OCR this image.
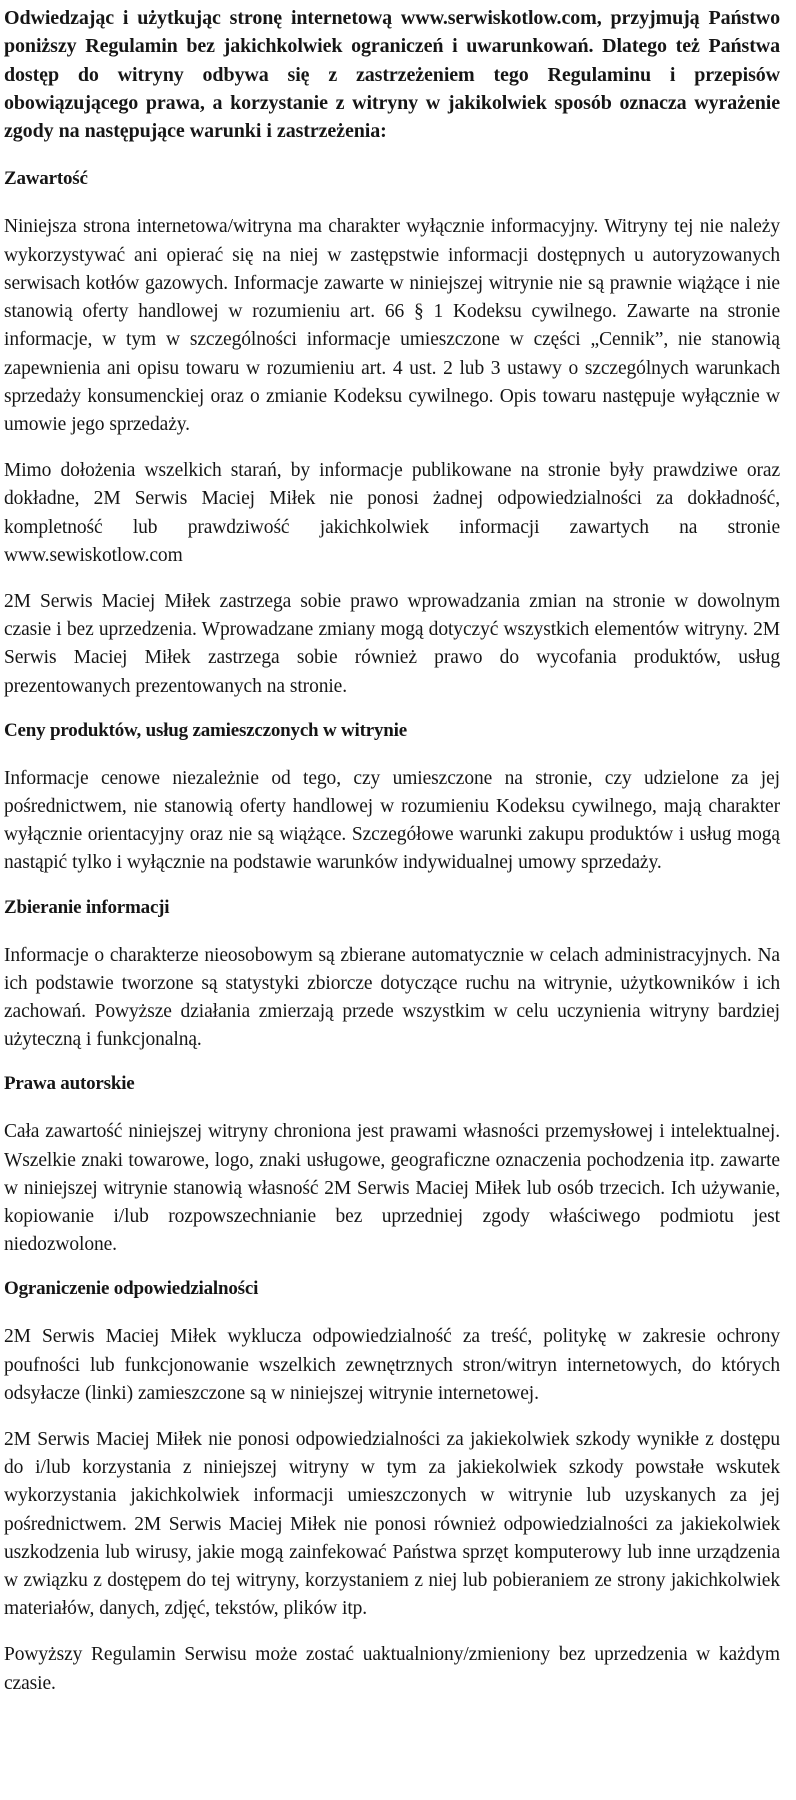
Odwiedzając i użytkując stronę internetową www.serwiskotlow.com, przyjmują Państwo poniższy Regulamin bez jakichkolwiek ograniczeń i uwarunkowań. Dlatego też Państwa dostęp do witryny odbywa się z zastrzeżeniem tego Regulaminu i przepisów obowiązującego prawa, a korzystanie z witryny w jakikolwiek sposób oznacza wyrażenie zgody na następujące warunki i zastrzeżenia:

Zawartość

Niniejsza strona internetowa/witryna ma charakter wyłącznie informacyjny. Witryny tej nie należy wykorzystywać ani opierać się na niej w zastępstwie informacji dostępnych u autoryzowanych serwisach kotłów gazowych. Informacje zawarte w niniejszej witrynie nie są prawnie wiążące i nie stanowią oferty handlowej w rozumieniu art. 66 § 1 Kodeksu cywilnego. Zawarte na stronie informacje, w tym w szczególności informacje umieszczone w części „Cennik”, nie stanowią zapewnienia ani opisu towaru w rozumieniu art. 4 ust. 2 lub 3 ustawy o szczególnych warunkach sprzedaży konsumenckiej oraz o zmianie Kodeksu cywilnego. Opis towaru następuje wyłącznie w umowie jego sprzedaży.

Mimo dołożenia wszelkich starań, by informacje publikowane na stronie były prawdziwe oraz dokładne, 2M Serwis Maciej Miłek nie ponosi żadnej odpowiedzialności za dokładność, kompletność lub prawdziwość jakichkolwiek informacji zawartych na stronie www.sewiskotlow.com

2M Serwis Maciej Miłek zastrzega sobie prawo wprowadzania zmian na stronie w dowolnym czasie i bez uprzedzenia. Wprowadzane zmiany mogą dotyczyć wszystkich elementów witryny. 2M Serwis Maciej Miłek zastrzega sobie również prawo do wycofania produktów, usług prezentowanych prezentowanych na stronie.

Ceny produktów, usług zamieszczonych w witrynie

Informacje cenowe niezależnie od tego, czy umieszczone na stronie, czy udzielone za jej pośrednictwem, nie stanowią oferty handlowej w rozumieniu Kodeksu cywilnego, mają charakter wyłącznie orientacyjny oraz nie są wiążące. Szczegółowe warunki zakupu produktów i usług mogą nastąpić tylko i wyłącznie na podstawie warunków indywidualnej umowy sprzedaży.

Zbieranie informacji

Informacje o charakterze nieosobowym są zbierane automatycznie w celach administracyjnych. Na ich podstawie tworzone są statystyki zbiorcze dotyczące ruchu na witrynie, użytkowników i ich zachowań. Powyższe działania zmierzają przede wszystkim w celu uczynienia witryny bardziej użyteczną i funkcjonalną.

Prawa autorskie

Cała zawartość niniejszej witryny chroniona jest prawami własności przemysłowej i intelektualnej. Wszelkie znaki towarowe, logo, znaki usługowe, geograficzne oznaczenia pochodzenia itp. zawarte w niniejszej witrynie stanowią własność 2M Serwis Maciej Miłek lub osób trzecich. Ich używanie, kopiowanie i/lub rozpowszechnianie bez uprzedniej zgody właściwego podmiotu jest niedozwolone.

Ograniczenie odpowiedzialności

2M Serwis Maciej Miłek wyklucza odpowiedzialność za treść, politykę w zakresie ochrony poufności lub funkcjonowanie wszelkich zewnętrznych stron/witryn internetowych, do których odsyłacze (linki) zamieszczone są w niniejszej witrynie internetowej.

2M Serwis Maciej Miłek nie ponosi odpowiedzialności za jakiekolwiek szkody wynikłe z dostępu do i/lub korzystania z niniejszej witryny w tym za jakiekolwiek szkody powstałe wskutek wykorzystania jakichkolwiek informacji umieszczonych w witrynie lub uzyskanych za jej pośrednictwem. 2M Serwis Maciej Miłek nie ponosi również odpowiedzialności za jakiekolwiek uszkodzenia lub wirusy, jakie mogą zainfekować Państwa sprzęt komputerowy lub inne urządzenia w związku z dostępem do tej witryny, korzystaniem z niej lub pobieraniem ze strony jakichkolwiek materiałów, danych, zdjęć, tekstów, plików itp.

Powyższy Regulamin Serwisu może zostać uaktualniony/zmieniony bez uprzedzenia w każdym czasie.
